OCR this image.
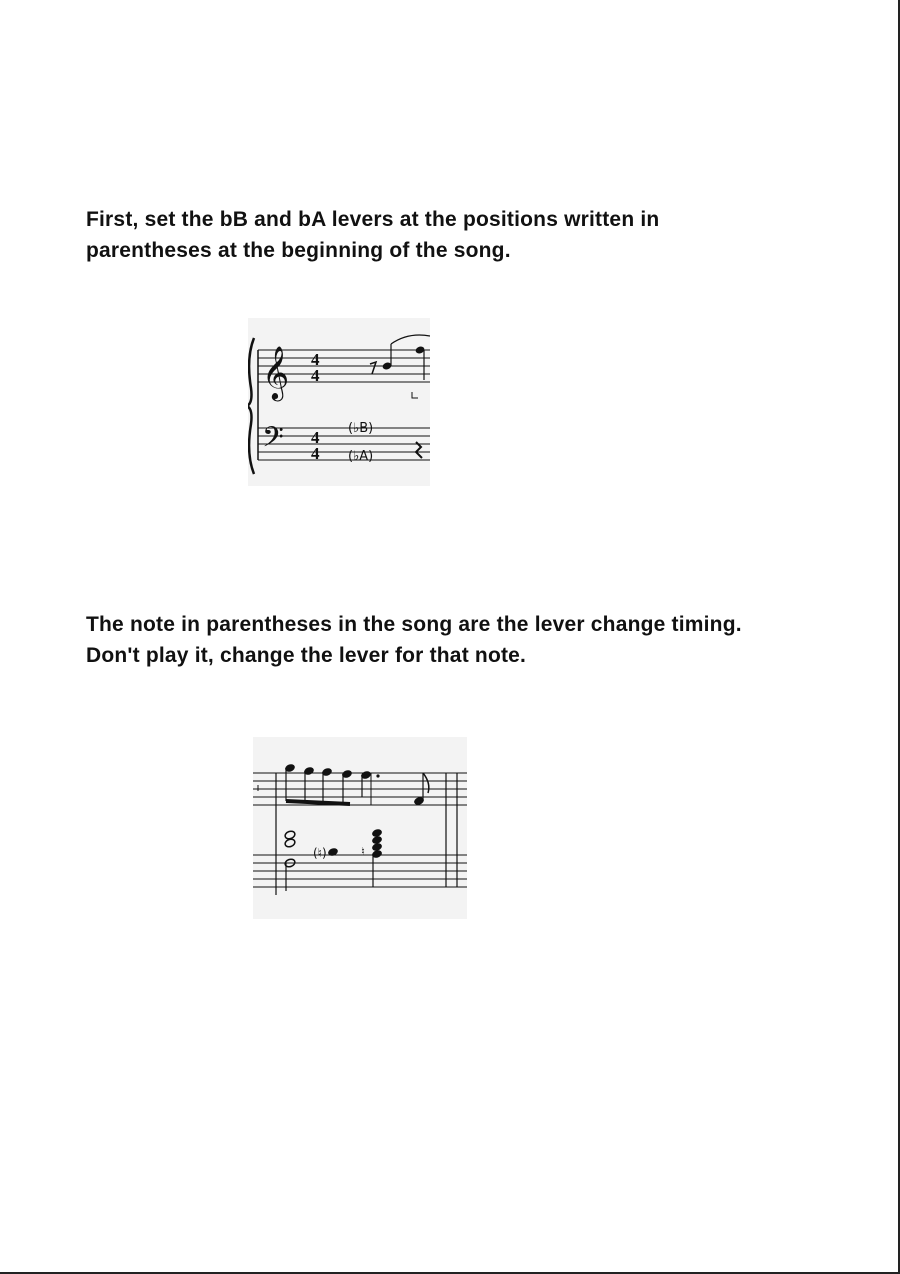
First, set the bB and bA levers at the positions written in parentheses at the beginning of the song.

𝄞
𝄢
4
4
4
4
(♭B)
(♭A)

The note in parentheses in the song are the lever change timing. Don't play it, change the lever for that note.

(♮)	♮
